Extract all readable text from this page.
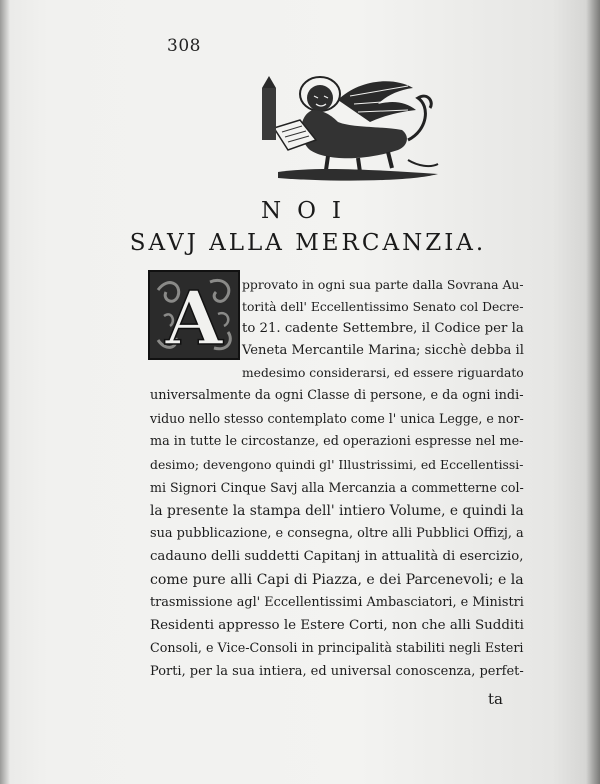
308
NOI
SAVJ ALLA MERCANZIA.
A pprovato in ogni sua parte dalla Sovrana Au-
torità dell' Eccellentissimo Senato col Decre-
to 21. cadente Settembre, il Codice per la
Veneta Mercantile Marina; sicchè debba il
medesimo considerarsi, ed essere riguardato
universalmente da ogni Classe di persone, e da ogni indi-
viduo nello stesso contemplato come l' unica Legge, e nor-
ma in tutte le circostanze, ed operazioni espresse nel me-
desimo; devengono quindi gl' Illustrissimi, ed Eccellentissi-
mi Signori Cinque Savj alla Mercanzia a commetterne col-
la presente la stampa dell' intiero Volume, e quindi la
sua pubblicazione, e consegna, oltre alli Pubblici Offizj, a
cadauno delli suddetti Capitanj in attualità di esercizio,
come pure alli Capi di Piazza, e dei Parcenevoli; e la
trasmissione agl' Eccellentissimi Ambasciatori, e Ministri
Residenti appresso le Estere Corti, non che alli Sudditi
Consoli, e Vice-Consoli in principalità stabiliti negli Esteri
Porti, per la sua intiera, ed universal conoscenza, perfet-
ta
